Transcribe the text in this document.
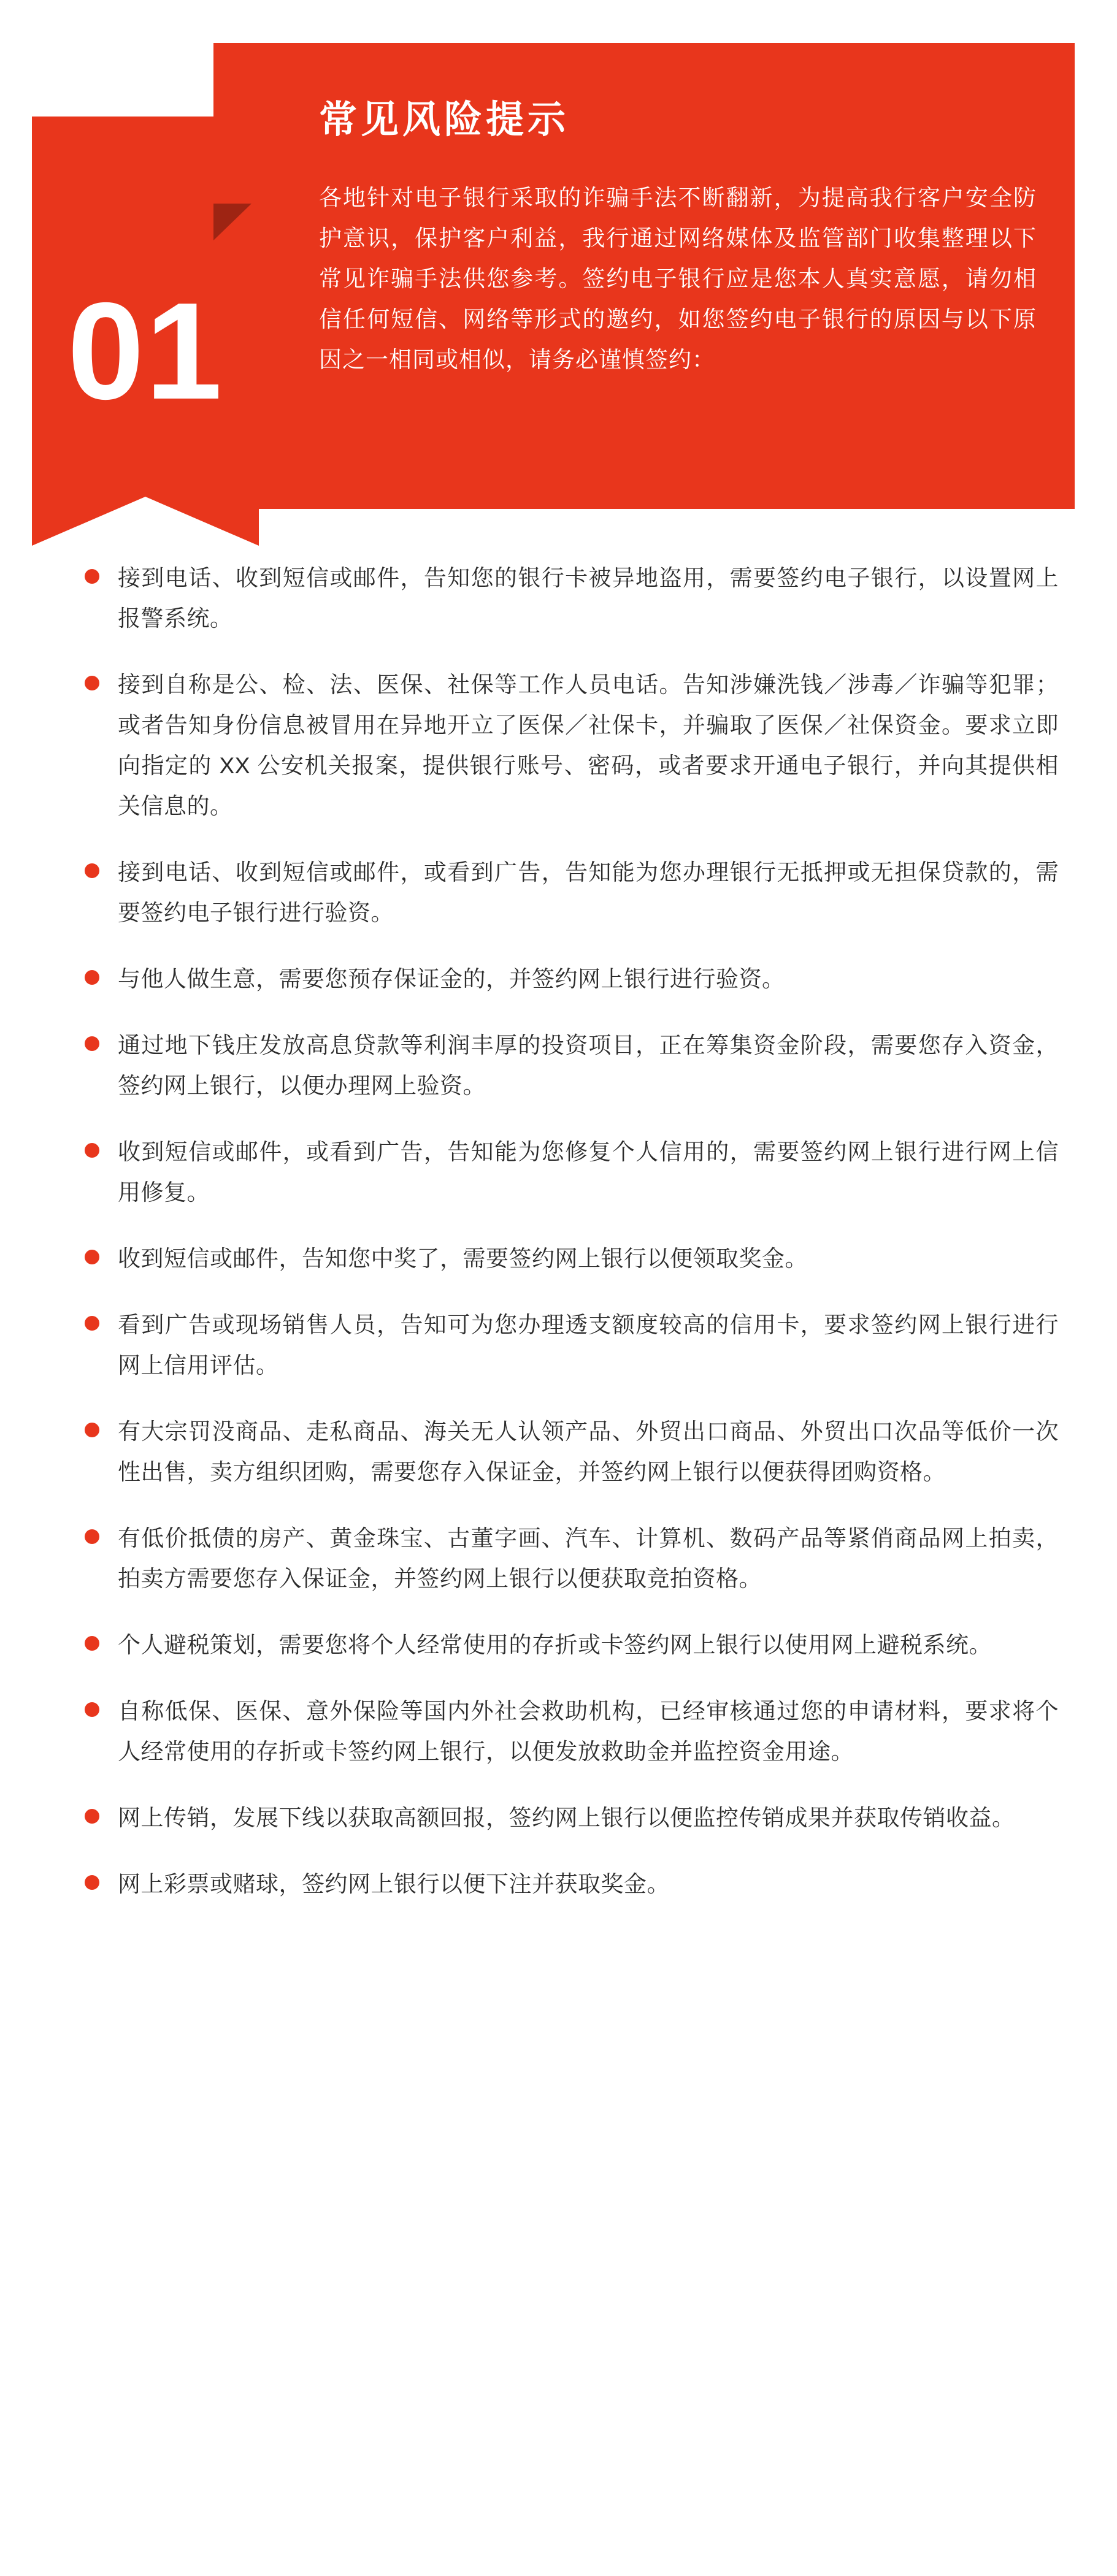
01
常见风险提示
各地针对电子银行采取的诈骗手法不断翻新，为提高我行客户安全防护意识，保护客户利益，我行通过网络媒体及监管部门收集整理以下常见诈骗手法供您参考。签约电子银行应是您本人真实意愿，请勿相信任何短信、网络等形式的邀约，如您签约电子银行的原因与以下原因之一相同或相似，请务必谨慎签约：
接到电话、收到短信或邮件，告知您的银行卡被异地盗用，需要签约电子银行，以设置网上报警系统。
接到自称是公、检、法、医保、社保等工作人员电话。告知涉嫌洗钱／涉毒／诈骗等犯罪；或者告知身份信息被冒用在异地开立了医保／社保卡，并骗取了医保／社保资金。要求立即向指定的 XX 公安机关报案，提供银行账号、密码，或者要求开通电子银行，并向其提供相关信息的。
接到电话、收到短信或邮件，或看到广告，告知能为您办理银行无抵押或无担保贷款的，需要签约电子银行进行验资。
与他人做生意，需要您预存保证金的，并签约网上银行进行验资。
通过地下钱庄发放高息贷款等利润丰厚的投资项目，正在筹集资金阶段，需要您存入资金，签约网上银行，以便办理网上验资。
收到短信或邮件，或看到广告，告知能为您修复个人信用的，需要签约网上银行进行网上信用修复。
收到短信或邮件，告知您中奖了，需要签约网上银行以便领取奖金。
看到广告或现场销售人员，告知可为您办理透支额度较高的信用卡，要求签约网上银行进行网上信用评估。
有大宗罚没商品、走私商品、海关无人认领产品、外贸出口商品、外贸出口次品等低价一次性出售，卖方组织团购，需要您存入保证金，并签约网上银行以便获得团购资格。
有低价抵债的房产、黄金珠宝、古董字画、汽车、计算机、数码产品等紧俏商品网上拍卖，拍卖方需要您存入保证金，并签约网上银行以便获取竞拍资格。
个人避税策划，需要您将个人经常使用的存折或卡签约网上银行以使用网上避税系统。
自称低保、医保、意外保险等国内外社会救助机构，已经审核通过您的申请材料，要求将个人经常使用的存折或卡签约网上银行，以便发放救助金并监控资金用途。
网上传销，发展下线以获取高额回报，签约网上银行以便监控传销成果并获取传销收益。
网上彩票或赌球，签约网上银行以便下注并获取奖金。
